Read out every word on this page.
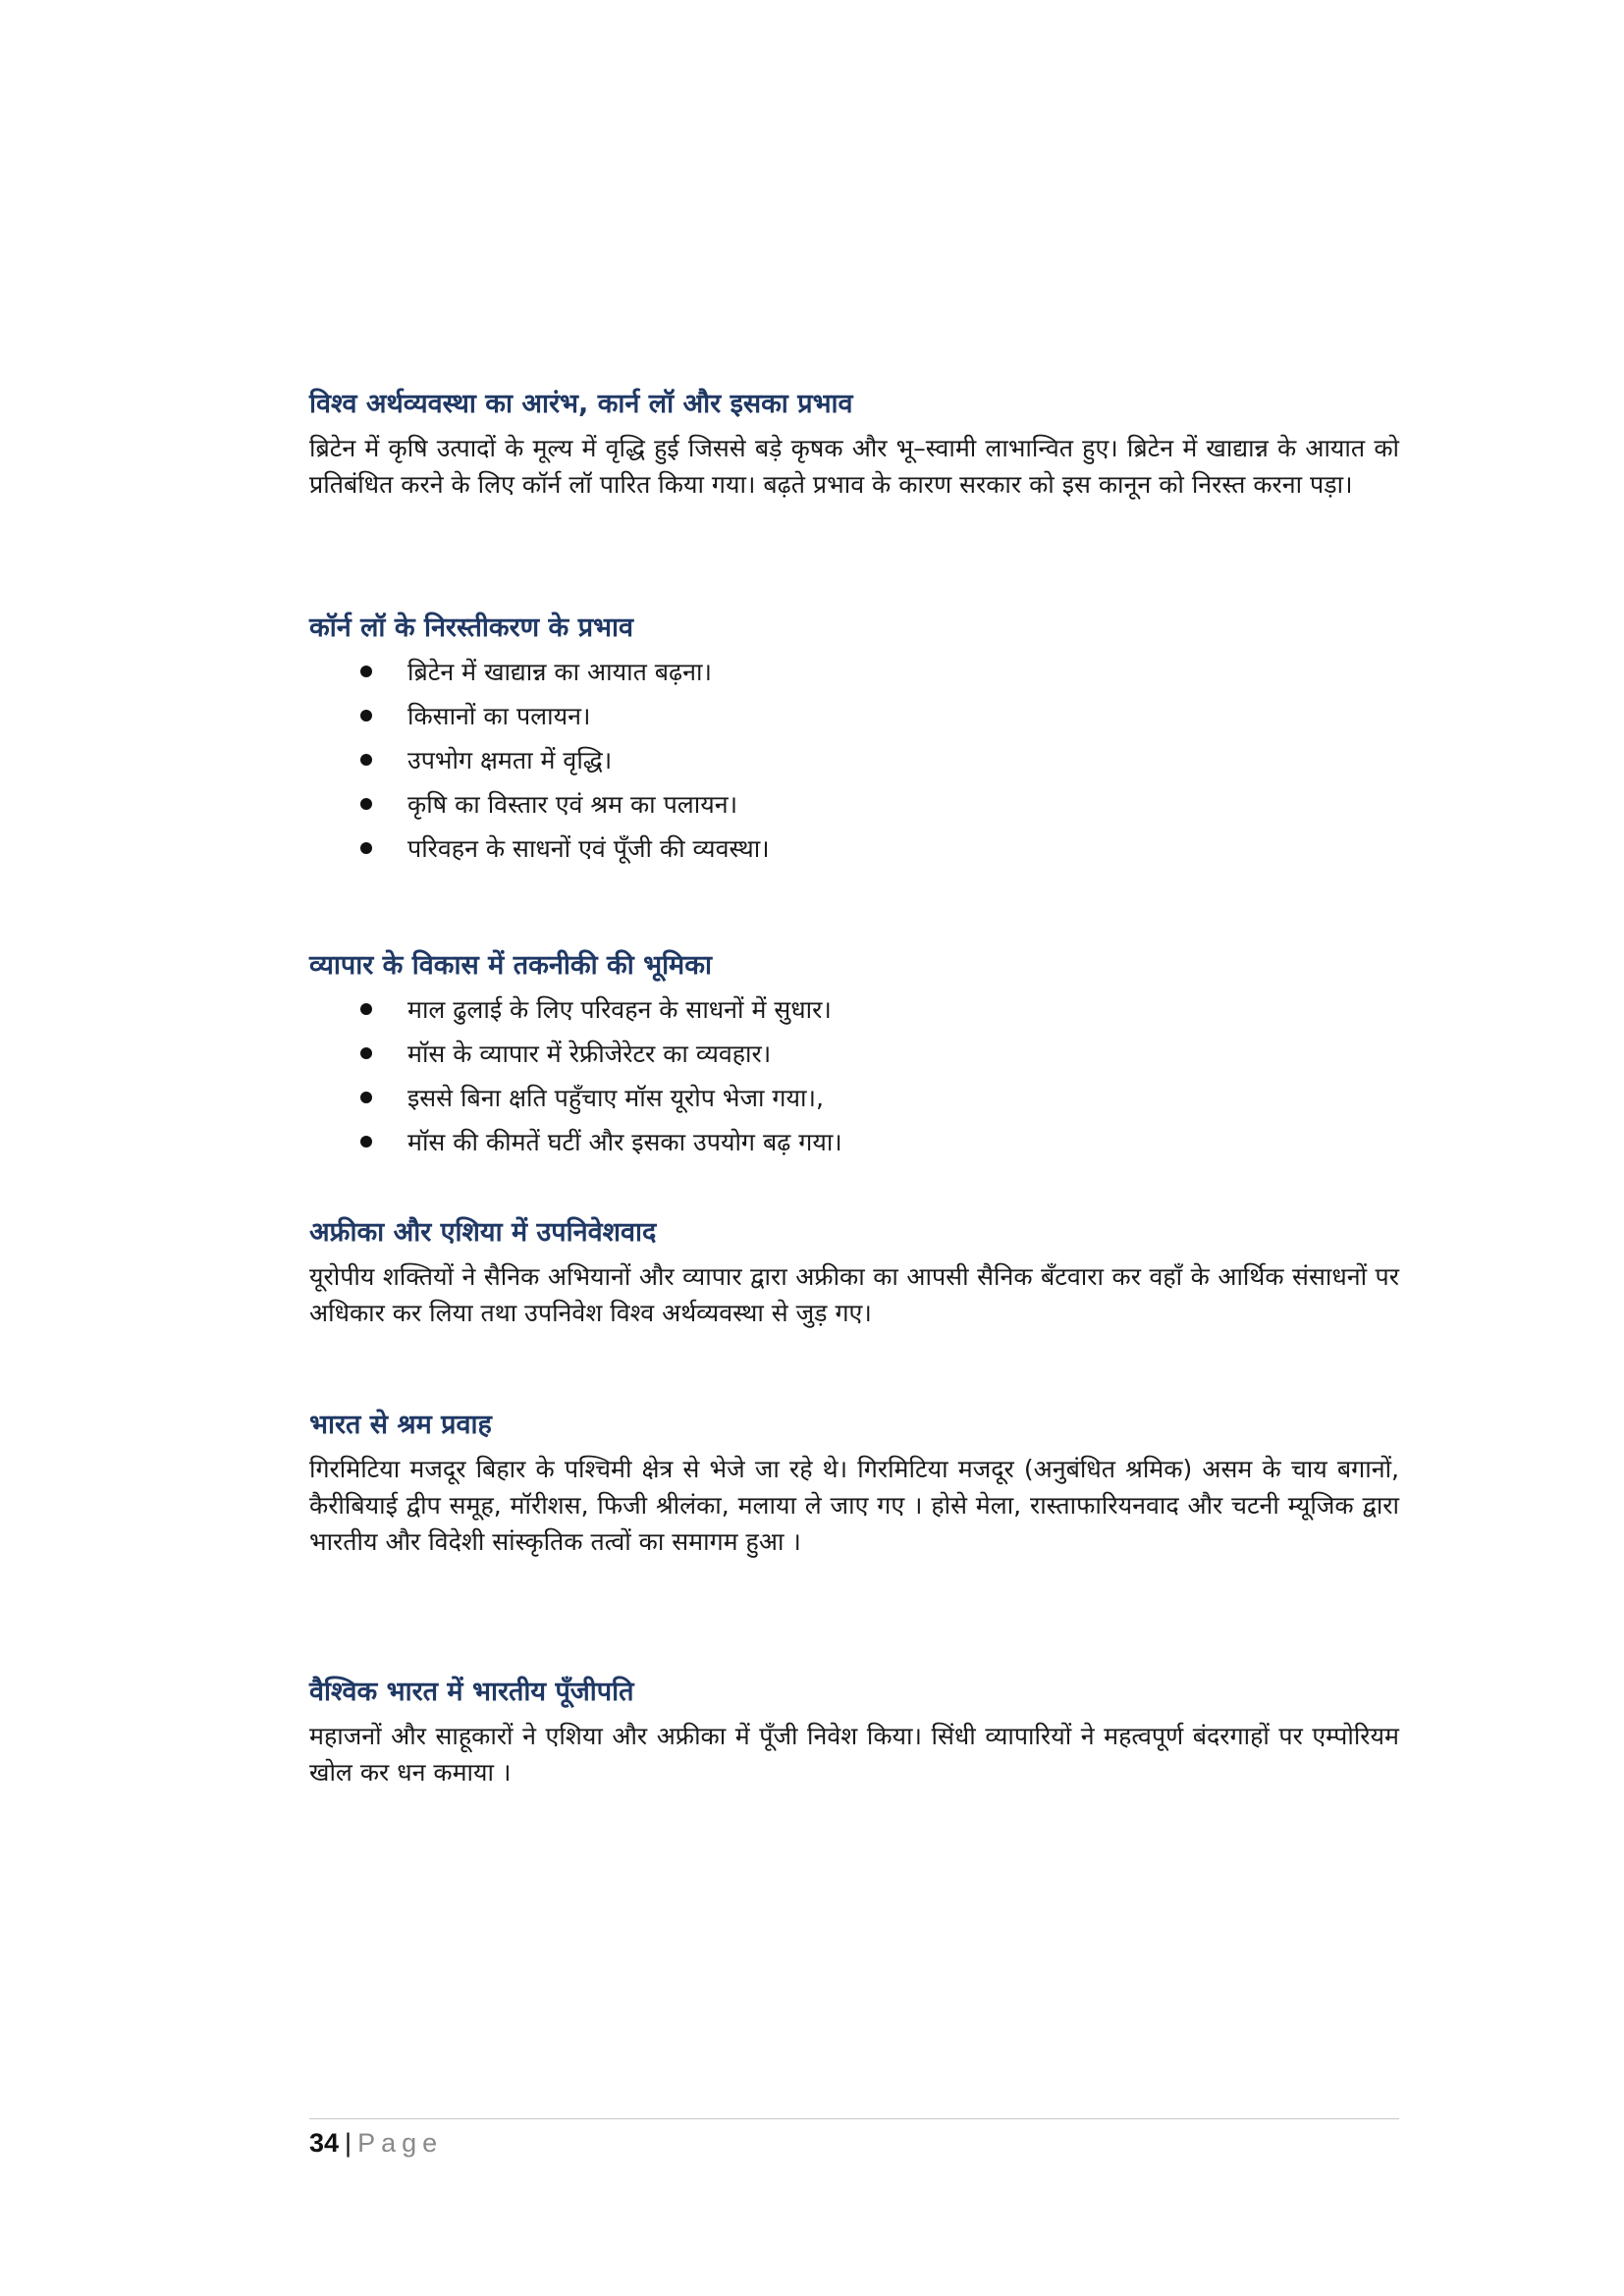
विश्व अर्थव्यवस्था का आरंभ, कार्न लॉ और इसका प्रभाव

ब्रिटेन में कृषि उत्पादों के मूल्य में वृद्धि हुई जिससे बड़े कृषक और भू–स्वामी लाभान्वित हुए। ब्रिटेन में खाद्यान्न के आयात को प्रतिबंधित करने के लिए कॉर्न लॉ पारित किया गया। बढ़ते प्रभाव के कारण सरकार को इस कानून को निरस्त करना पड़ा।

कॉर्न लॉ के निरस्तीकरण के प्रभाव
ब्रिटेन में खाद्यान्न का आयात बढ़ना।
किसानों का पलायन।
उपभोग क्षमता में वृद्धि।
कृषि का विस्तार एवं श्रम का पलायन।
परिवहन के साधनों एवं पूँजी की व्यवस्था।
व्यापार के विकास में तकनीकी की भूमिका
माल ढुलाई के लिए परिवहन के साधनों में सुधार।
मॉस के व्यापार में रेफ्रीजेरेटर का व्यवहार।
इससे बिना क्षति पहुँचाए मॉस यूरोप भेजा गया।,
मॉस की कीमतें घटीं और इसका उपयोग बढ़ गया।
अफ्रीका और एशिया में उपनिवेशवाद

यूरोपीय शक्तियों ने सैनिक अभियानों और व्यापार द्वारा अफ्रीका का आपसी सैनिक बँटवारा कर वहाँ के आर्थिक संसाधनों पर अधिकार कर लिया तथा उपनिवेश विश्व अर्थव्यवस्था से जुड़ गए।

भारत से श्रम प्रवाह

गिरमिटिया मजदूर बिहार के पश्चिमी क्षेत्र से भेजे जा रहे थे। गिरमिटिया मजदूर (अनुबंधित श्रमिक) असम के चाय बगानों, कैरीबियाई द्वीप समूह, मॉरीशस, फिजी श्रीलंका, मलाया ले जाए गए । होसे मेला, रास्ताफारियनवाद और चटनी म्यूजिक द्वारा भारतीय और विदेशी सांस्कृतिक तत्वों का समागम हुआ ।

वैश्विक भारत में भारतीय पूँजीपति

महाजनों और साहूकारों ने एशिया और अफ्रीका में पूँजी निवेश किया। सिंधी व्यापारियों ने महत्वपूर्ण बंदरगाहों पर एम्पोरियम खोल कर धन कमाया ।

34 | Page
